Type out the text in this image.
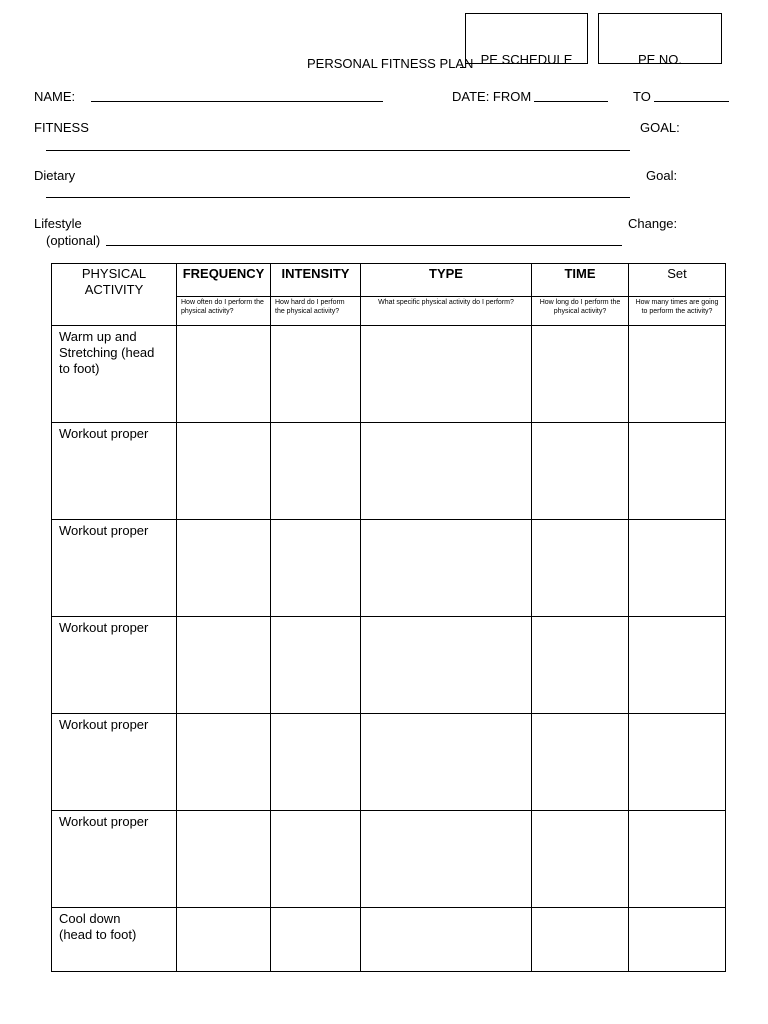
PERSONAL FITNESS PLAN PE SCHEDULE	PE NO.
NAME:	DATE: FROM	TO
FITNESS	GOAL:
Dietary	Goal:
Lifestyle	Change:
(optional)
PHYSICAL ACTIVITY	FREQUENCY	INTENSITY	TYPE	TIME	Set
	How often do I perform the physical activity?	How hard do I perform the physical activity?	What specific physical activity do I perform?	How long do I perform the physical activity?	How many times are going to perform the activity?
Warm up and Stretching (head to foot)					
Workout proper					
Workout proper					
Workout proper					
Workout proper					
Workout proper					
Cool down (head to foot)					
